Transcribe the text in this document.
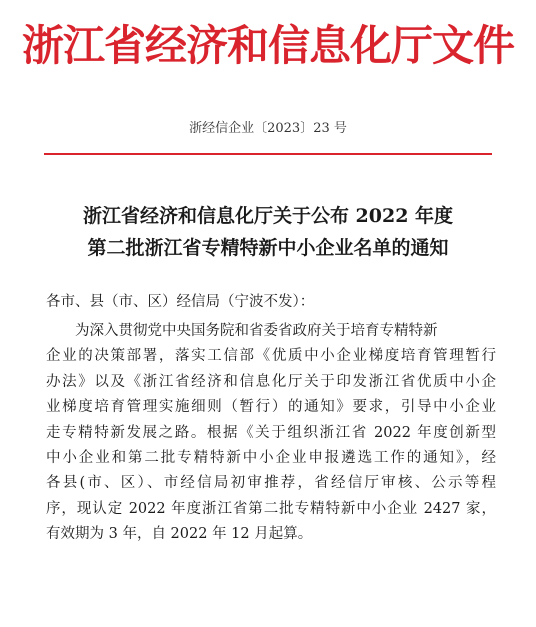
浙江省经济和信息化厅文件
浙经信企业〔2023〕23 号
浙江省经济和信息化厅关于公布 2022 年度
第二批浙江省专精特新中小企业名单的通知
各市、县（市、区）经信局（宁波不发）：
为深入贯彻党中央国务院和省委省政府关于培育专精特新
企业的决策部署，落实工信部《优质中小企业梯度培育管理暂行
办法》以及《浙江省经济和信息化厅关于印发浙江省优质中小企
业梯度培育管理实施细则（暂行）的通知》要求，引导中小企业
走专精特新发展之路。根据《关于组织浙江省 2022 年度创新型
中小企业和第二批专精特新中小企业申报遴选工作的通知》，经
各县(市、区）、市经信局初审推荐，省经信厅审核、公示等程
序，现认定 2022 年度浙江省第二批专精特新中小企业 2427 家，
有效期为 3 年，自 2022 年 12 月起算。
